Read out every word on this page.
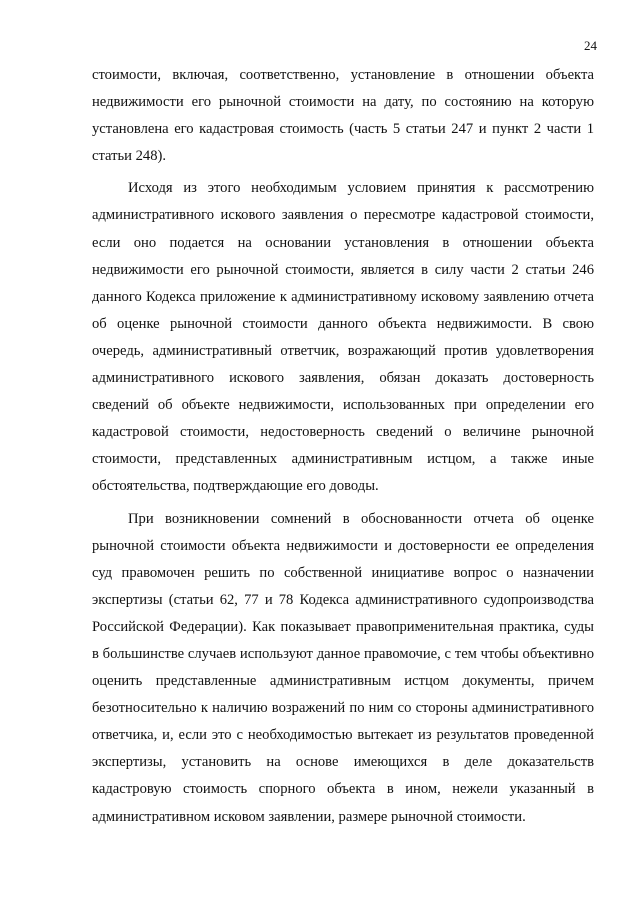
24

стоимости, включая, соответственно, установление в отношении объекта недвижимости его рыночной стоимости на дату, по состоянию на которую установлена его кадастровая стоимость (часть 5 статьи 247 и пункт 2 части 1 статьи 248).

Исходя из этого необходимым условием принятия к рассмотрению административного искового заявления о пересмотре кадастровой стоимости, если оно подается на основании установления в отношении объекта недвижимости его рыночной стоимости, является в силу части 2 статьи 246 данного Кодекса приложение к административному исковому заявлению отчета об оценке рыночной стоимости данного объекта недвижимости. В свою очередь, административный ответчик, возражающий против удовлетворения административного искового заявления, обязан доказать достоверность сведений об объекте недвижимости, использованных при определении его кадастровой стоимости, недостоверность сведений о величине рыночной стоимости, представленных административным истцом, а также иные обстоятельства, подтверждающие его доводы.

При возникновении сомнений в обоснованности отчета об оценке рыночной стоимости объекта недвижимости и достоверности ее определения суд правомочен решить по собственной инициативе вопрос о назначении экспертизы (статьи 62, 77 и 78 Кодекса административного судопроизводства Российской Федерации). Как показывает правоприменительная практика, суды в большинстве случаев используют данное правомочие, с тем чтобы объективно оценить представленные административным истцом документы, причем безотносительно к наличию возражений по ним со стороны административного ответчика, и, если это с необходимостью вытекает из результатов проведенной экспертизы, установить на основе имеющихся в деле доказательств кадастровую стоимость спорного объекта в ином, нежели указанный в административном исковом заявлении, размере рыночной стоимости.
